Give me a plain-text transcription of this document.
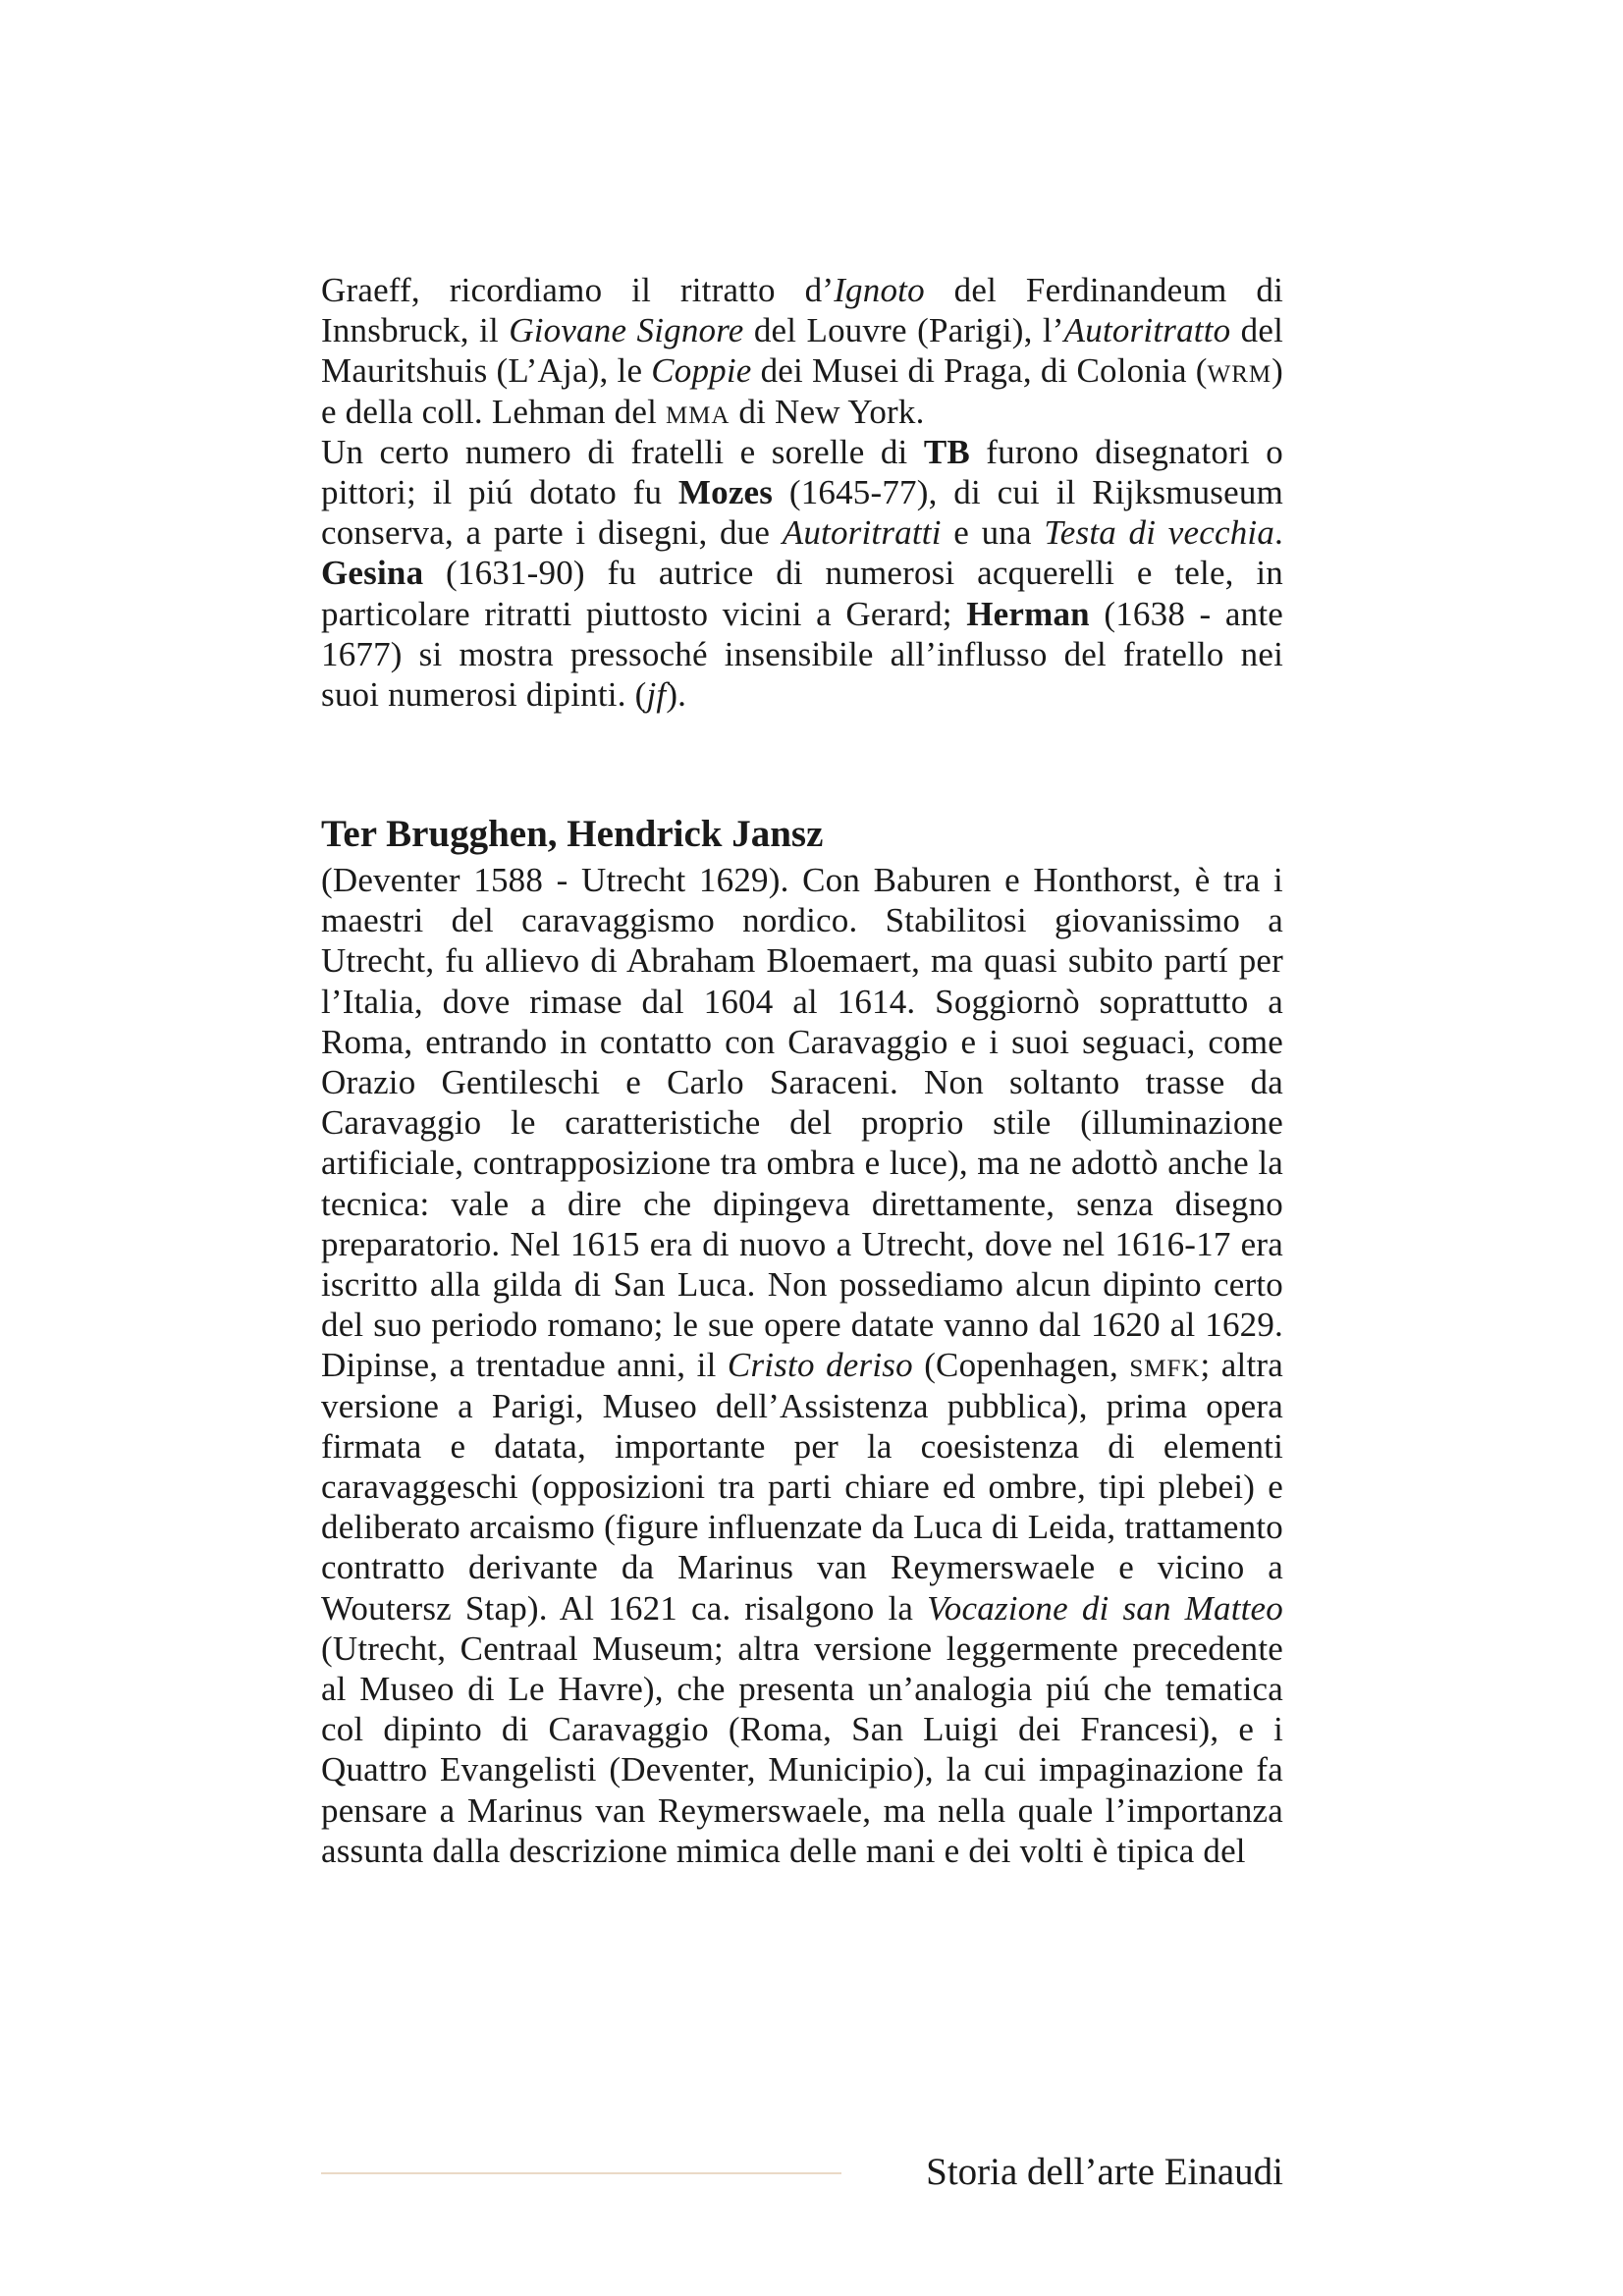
Graeff, ricordiamo il ritratto d’Ignoto del Ferdinandeum di Innsbruck, il Giovane Signore del Louvre (Parigi), l’Autoritratto del Mauritshuis (L’Aja), le Coppie dei Musei di Praga, di Colonia (wrm) e della coll. Lehman del mma di New York.

Un certo numero di fratelli e sorelle di TB furono disegnatori o pittori; il piú dotato fu Mozes (1645-77), di cui il Rijksmuseum conserva, a parte i disegni, due Autoritratti e una Testa di vecchia. Gesina (1631-90) fu autrice di numerosi acquerelli e tele, in particolare ritratti piuttosto vicini a Gerard; Herman (1638 - ante 1677) si mostra pressoché insensibile all’influsso del fratello nei suoi numerosi dipinti. (jf).

Ter Brugghen, Hendrick Jansz

(Deventer 1588 - Utrecht 1629). Con Baburen e Honthorst, è tra i maestri del caravaggismo nordico. Stabilitosi giovanissimo a Utrecht, fu allievo di Abraham Bloemaert, ma quasi subito partí per l’Italia, dove rimase dal 1604 al 1614. Soggiornò soprattutto a Roma, entrando in contatto con Caravaggio e i suoi seguaci, come Orazio Gentileschi e Carlo Saraceni. Non soltanto trasse da Caravaggio le caratteristiche del proprio stile (illuminazione artificiale, contrapposizione tra ombra e luce), ma ne adottò anche la tecnica: vale a dire che dipingeva direttamente, senza disegno preparatorio. Nel 1615 era di nuovo a Utrecht, dove nel 1616-17 era iscritto alla gilda di San Luca. Non possediamo alcun dipinto certo del suo periodo romano; le sue opere datate vanno dal 1620 al 1629. Dipinse, a trentadue anni, il Cristo deriso (Copenhagen, smfk; altra versione a Parigi, Museo dell’Assistenza pubblica), prima opera firmata e datata, importante per la coesistenza di elementi caravaggeschi (opposizioni tra parti chiare ed ombre, tipi plebei) e deliberato arcaismo (figure influenzate da Luca di Leida, trattamento contratto derivante da Marinus van Reymerswaele e vicino a Woutersz Stap). Al 1621 ca. risalgono la Vocazione di san Matteo (Utrecht, Centraal Museum; altra versione leggermente precedente al Museo di Le Havre), che presenta un’analogia piú che tematica col dipinto di Caravaggio (Roma, San Luigi dei Francesi), e i Quattro Evangelisti (Deventer, Municipio), la cui impaginazione fa pensare a Marinus van Reymerswaele, ma nella quale l’importanza assunta dalla descrizione mimica delle mani e dei volti è tipica del

Storia dell’arte Einaudi
